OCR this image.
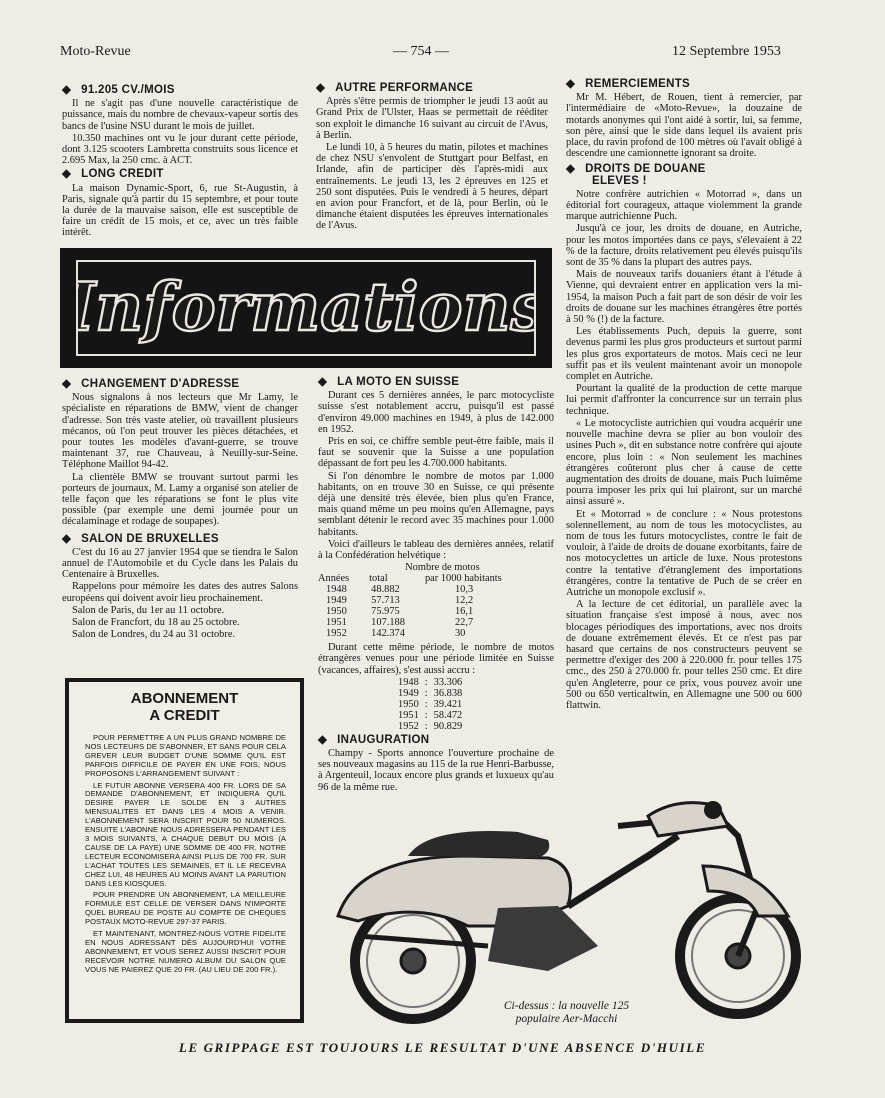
Moto-Revue	— 754 —	12 Septembre 1953
◆ 91.205 CV./MOIS

Il ne s'agit pas d'une nouvelle caractéristique de puissance, mais du nombre de chevaux-vapeur sortis des bancs de l'usine NSU durant le mois de juillet.

10.350 machines ont vu le jour durant cette période, dont 3.125 scooters Lambretta construits sous licence et 2.695 Max, la 250 cmc. à ACT.

◆ LONG CREDIT

La maison Dynamic-Sport, 6, rue St-Augustin, à Paris, signale qu'à partir du 15 septembre, et pour toute la durée de la mauvaise saison, elle est susceptible de faire un crédit de 15 mois, et ce, avec un très faible intérêt.

Informations
◆ CHANGEMENT D'ADRESSE

Nous signalons à nos lecteurs que Mr Lamy, le spécialiste en réparations de BMW, vient de changer d'adresse. Son très vaste atelier, où travaillent plusieurs mécanos, où l'on peut trouver les pièces détachées, et pour toutes les modèles d'avant-guerre, se trouve maintenant 37, rue Chauveau, à Neuilly-sur-Seine. Téléphone Maillot 94-42.

La clientèle BMW se trouvant surtout parmi les porteurs de journaux, M. Lamy a organisé son atelier de telle façon que les réparations se font le plus vite possible (par exemple une demi journée pour un décalaminage et rodage de soupapes).

◆ SALON DE BRUXELLES

C'est du 16 au 27 janvier 1954 que se tiendra le Salon annuel de l'Automobile et du Cycle dans les Palais du Centenaire à Bruxelles.

Rappelons pour mémoire les dates des autres Salons européens qui doivent avoir lieu prochainement.

Salon de Paris, du 1er au 11 octobre.

Salon de Francfort, du 18 au 25 octobre.

Salon de Londres, du 24 au 31 octobre.

ABONNEMENT
A CREDIT

POUR PERMETTRE A UN PLUS GRAND NOMBRE DE NOS LECTEURS DE S'ABONNER, ET SANS POUR CELA GREVER LEUR BUDGET D'UNE SOMME QU'IL EST PARFOIS DIFFICILE DE PAYER EN UNE FOIS, NOUS PROPOSONS L'ARRANGEMENT SUIVANT :

LE FUTUR ABONNE VERSERA 400 FR. LORS DE SA DEMANDE D'ABONNEMENT, ET INDIQUERA QU'IL DESIRE PAYER LE SOLDE EN 3 AUTRES MENSUALITES ET DANS LES 4 MOIS A VENIR. L'ABONNEMENT SERA INSCRIT POUR 50 NUMEROS. ENSUITE L'ABONNE NOUS ADRESSERA PENDANT LES 3 MOIS SUIVANTS, A CHAQUE DEBUT DU MOIS (A CAUSE DE LA PAYE) UNE SOMME DE 400 FR. NOTRE LECTEUR ECONOMISERA AINSI PLUS DE 700 FR. SUR L'ACHAT TOUTES LES SEMAINES, ET IL LE RECEVRA CHEZ LUI, 48 HEURES AU MOINS AVANT LA PARUTION DANS LES KIOSQUES.

POUR PRENDRE UN ABONNEMENT, LA MEILLEURE FORMULE EST CELLE DE VERSER DANS N'IMPORTE QUEL BUREAU DE POSTE AU COMPTE DE CHEQUES POSTAUX MOTO-REVUE 297-37 PARIS.

ET MAINTENANT, MONTREZ-NOUS VOTRE FIDELITE EN NOUS ADRESSANT DÈS AUJOURD'HUI VOTRE ABONNEMENT, ET VOUS SEREZ AUSSI INSCRIT POUR RECEVOIR NOTRE NUMERO ALBUM DU SALON QUE VOUS NE PAIEREZ QUE 20 FR. (AU LIEU DE 200 FR.).

◆ AUTRE PERFORMANCE

Après s'être permis de triompher le jeudi 13 août au Grand Prix de l'Ulster, Haas se permettait de rééditer son exploit le dimanche 16 suivant au circuit de l'Avus, à Berlin.

Le lundi 10, à 5 heures du matin, pilotes et machines de chez NSU s'envolent de Stuttgart pour Belfast, en Irlande, afin de participer dès l'après-midi aux entraînements. Le jeudi 13, les 2 épreuves en 125 et 250 sont disputées. Puis le vendredi à 5 heures, départ en avion pour Francfort, et de là, pour Berlin, où le dimanche étaient disputées les épreuves internationales de l'Avus.

◆ LA MOTO EN SUISSE

Durant ces 5 dernières années, le parc motocycliste suisse s'est notablement accru, puisqu'il est passé d'environ 49.000 machines en 1949, à plus de 142.000 en 1952.

Pris en soi, ce chiffre semble peut-être faible, mais il faut se souvenir que la Suisse a une population dépassant de fort peu les 4.700.000 habitants.

Si l'on dénombre le nombre de motos par 1.000 habitants, on en trouve 30 en Suisse, ce qui présente déjà une densité très élevée, bien plus qu'en France, mais quand même un peu moins qu'en Allemagne, pays semblant détenir le record avec 35 machines pour 1.000 habitants.

Voici d'ailleurs le tableau des dernières années, relatif à la Confédération helvétique :

	Nombre de motos	
Années	total	par 1000 habitants
1948	48.882	10,3
1949	57.713	12,2
1950	75.975	16,1
1951	107.188	22,7
1952	142.374	30

Durant cette même période, le nombre de motos étrangères venues pour une période limitée en Suisse (vacances, affaires), s'est aussi accru :

1948	:	33.306
1949	:	36.838
1950	:	39.421
1951	:	58.472
1952	:	90.829
◆ INAUGURATION

Champy - Sports annonce l'ouverture prochaine de ses nouveaux magasins au 115 de la rue Henri-Barbusse, à Argenteuil, locaux encore plus grands et luxueux qu'au 96 de la même rue.

◆ REMERCIEMENTS

Mr M. Hébert, de Rouen, tient à remercier, par l'intermédiaire de «Moto-Revue», la douzaine de motards anonymes qui l'ont aidé à sortir, lui, sa femme, son père, ainsi que le side dans lequel ils avaient pris place, du ravin profond de 100 mètres où l'avait obligé à descendre une camionnette ignorant sa droite.

◆ DROITS DE DOUANE
ELEVES !

Notre confrère autrichien « Motorrad », dans un éditorial fort courageux, attaque violemment la grande marque autrichienne Puch.

Jusqu'à ce jour, les droits de douane, en Autriche, pour les motos importées dans ce pays, s'élevaient à 22 % de la facture, droits relativement peu élevés puisqu'ils sont de 35 % dans la plupart des autres pays.

Mais de nouveaux tarifs douaniers étant à l'étude à Vienne, qui devraient entrer en application vers la mi-1954, la maison Puch a fait part de son désir de voir les droits de douane sur les machines étrangères être portés à 50 % (!) de la facture.

Les établissements Puch, depuis la guerre, sont devenus parmi les plus gros producteurs et surtout parmi les plus gros exportateurs de motos. Mais ceci ne leur suffit pas et ils veulent maintenant avoir un monopole complet en Autriche.

Pourtant la qualité de la production de cette marque lui permit d'affronter la concurrence sur un terrain plus technique.

« Le motocycliste autrichien qui voudra acquérir une nouvelle machine devra se plier au bon vouloir des usines Puch », dit en substance notre confrère qui ajoute encore, plus loin : « Non seulement les machines étrangères coûteront plus cher à cause de cette augmentation des droits de douane, mais Puch luimême pourra imposer les prix qui lui plairont, sur un marché ainsi assuré ».

Et « Motorrad » de conclure : « Nous protestons solennellement, au nom de tous les motocyclistes, au nom de tous les futurs motocyclistes, contre le fait de vouloir, à l'aide de droits de douane exorbitants, faire de nos motocyclettes un article de luxe. Nous protestons contre la tentative d'étranglement des importations étrangères, contre la tentative de Puch de se créer en Autriche un monopole exclusif ».

A la lecture de cet éditorial, un parallèle avec la situation française s'est imposé à nous, avec nos blocages périodiques des importations, avec nos droits de douane extrêmement élevés. Et ce n'est pas par hasard que certains de nos constructeurs peuvent se permettre d'exiger des 200 à 220.000 fr. pour telles 175 cmc., des 250 à 270.000 fr. pour telles 250 cmc. Et dire qu'en Angleterre, pour ce prix, vous pouvez avoir une 500 ou 650 verticaltwin, en Allemagne une 500 ou 600 flattwin.

Ci-dessus : la nouvelle 125
populaire Aer-Macchi
LE GRIPPAGE EST TOUJOURS LE RESULTAT D'UNE ABSENCE D'HUILE
